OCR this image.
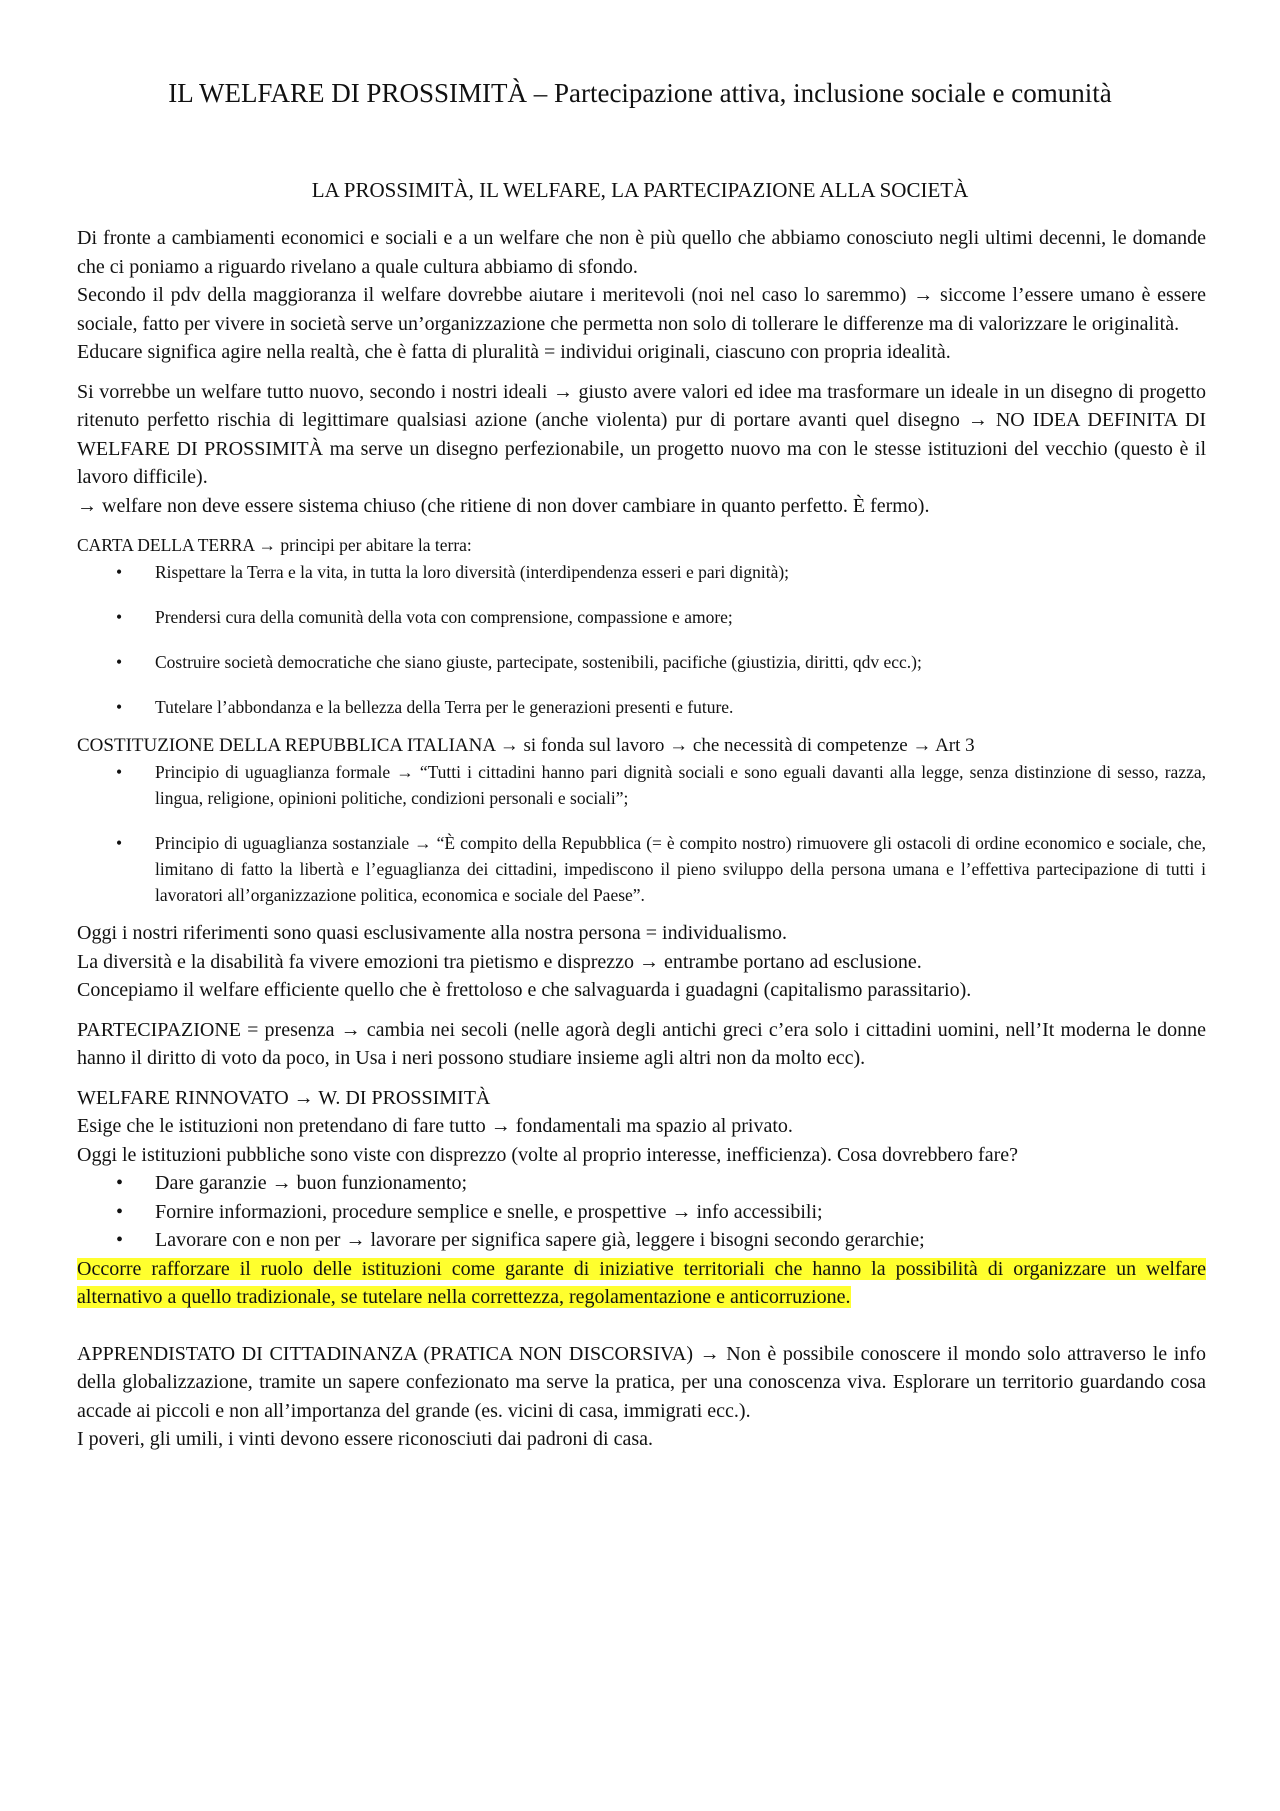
IL WELFARE DI PROSSIMITÀ – Partecipazione attiva, inclusione sociale e comunità
LA PROSSIMITÀ, IL WELFARE, LA PARTECIPAZIONE ALLA SOCIETÀ

Di fronte a cambiamenti economici e sociali e a un welfare che non è più quello che abbiamo conosciuto negli ultimi decenni, le domande che ci poniamo a riguardo rivelano a quale cultura abbiamo di sfondo.

Secondo il pdv della maggioranza il welfare dovrebbe aiutare i meritevoli (noi nel caso lo saremmo) → siccome l’essere umano è essere sociale, fatto per vivere in società serve un’organizzazione che permetta non solo di tollerare le differenze ma di valorizzare le originalità.

Educare significa agire nella realtà, che è fatta di pluralità = individui originali, ciascuno con propria idealità.

Si vorrebbe un welfare tutto nuovo, secondo i nostri ideali → giusto avere valori ed idee ma trasformare un ideale in un disegno di progetto ritenuto perfetto rischia di legittimare qualsiasi azione (anche violenta) pur di portare avanti quel disegno → NO IDEA DEFINITA DI WELFARE DI PROSSIMITÀ ma serve un disegno perfezionabile, un progetto nuovo ma con le stesse istituzioni del vecchio (questo è il lavoro difficile).

→ welfare non deve essere sistema chiuso (che ritiene di non dover cambiare in quanto perfetto. È fermo).

CARTA DELLA TERRA → principi per abitare la terra:

• Rispettare la Terra e la vita, in tutta la loro diversità (interdipendenza esseri e pari dignità);
• Prendersi cura della comunità della vota con comprensione, compassione e amore;
• Costruire società democratiche che siano giuste, partecipate, sostenibili, pacifiche (giustizia, diritti, qdv ecc.);
• Tutelare l’abbondanza e la bellezza della Terra per le generazioni presenti e future.

COSTITUZIONE DELLA REPUBBLICA ITALIANA → si fonda sul lavoro → che necessità di competenze → Art 3

• Principio di uguaglianza formale → “Tutti i cittadini hanno pari dignità sociali e sono eguali davanti alla legge, senza distinzione di sesso, razza, lingua, religione, opinioni politiche, condizioni personali e sociali”;
• Principio di uguaglianza sostanziale → “È compito della Repubblica (= è compito nostro) rimuovere gli ostacoli di ordine economico e sociale, che, limitano di fatto la libertà e l’eguaglianza dei cittadini, impediscono il pieno sviluppo della persona umana e l’effettiva partecipazione di tutti i lavoratori all’organizzazione politica, economica e sociale del Paese”.

Oggi i nostri riferimenti sono quasi esclusivamente alla nostra persona = individualismo.

La diversità e la disabilità fa vivere emozioni tra pietismo e disprezzo → entrambe portano ad esclusione.

Concepiamo il welfare efficiente quello che è frettoloso e che salvaguarda i guadagni (capitalismo parassitario).

PARTECIPAZIONE = presenza → cambia nei secoli (nelle agorà degli antichi greci c’era solo i cittadini uomini, nell’It moderna le donne hanno il diritto di voto da poco, in Usa i neri possono studiare insieme agli altri non da molto ecc).

WELFARE RINNOVATO → W. DI PROSSIMITÀ

Esige che le istituzioni non pretendano di fare tutto → fondamentali ma spazio al privato.

Oggi le istituzioni pubbliche sono viste con disprezzo (volte al proprio interesse, inefficienza). Cosa dovrebbero fare?

• Dare garanzie → buon funzionamento;
• Fornire informazioni, procedure semplice e snelle, e prospettive → info accessibili;
• Lavorare con e non per → lavorare per significa sapere già, leggere i bisogni secondo gerarchie;

Occorre rafforzare il ruolo delle istituzioni come garante di iniziative territoriali che hanno la possibilità di organizzare un welfare alternativo a quello tradizionale, se tutelare nella correttezza, regolamentazione e anticorruzione.

APPRENDISTATO DI CITTADINANZA (PRATICA NON DISCORSIVA) → Non è possibile conoscere il mondo solo attraverso le info della globalizzazione, tramite un sapere confezionato ma serve la pratica, per una conoscenza viva. Esplorare un territorio guardando cosa accade ai piccoli e non all’importanza del grande (es. vicini di casa, immigrati ecc.).

I poveri, gli umili, i vinti devono essere riconosciuti dai padroni di casa.
